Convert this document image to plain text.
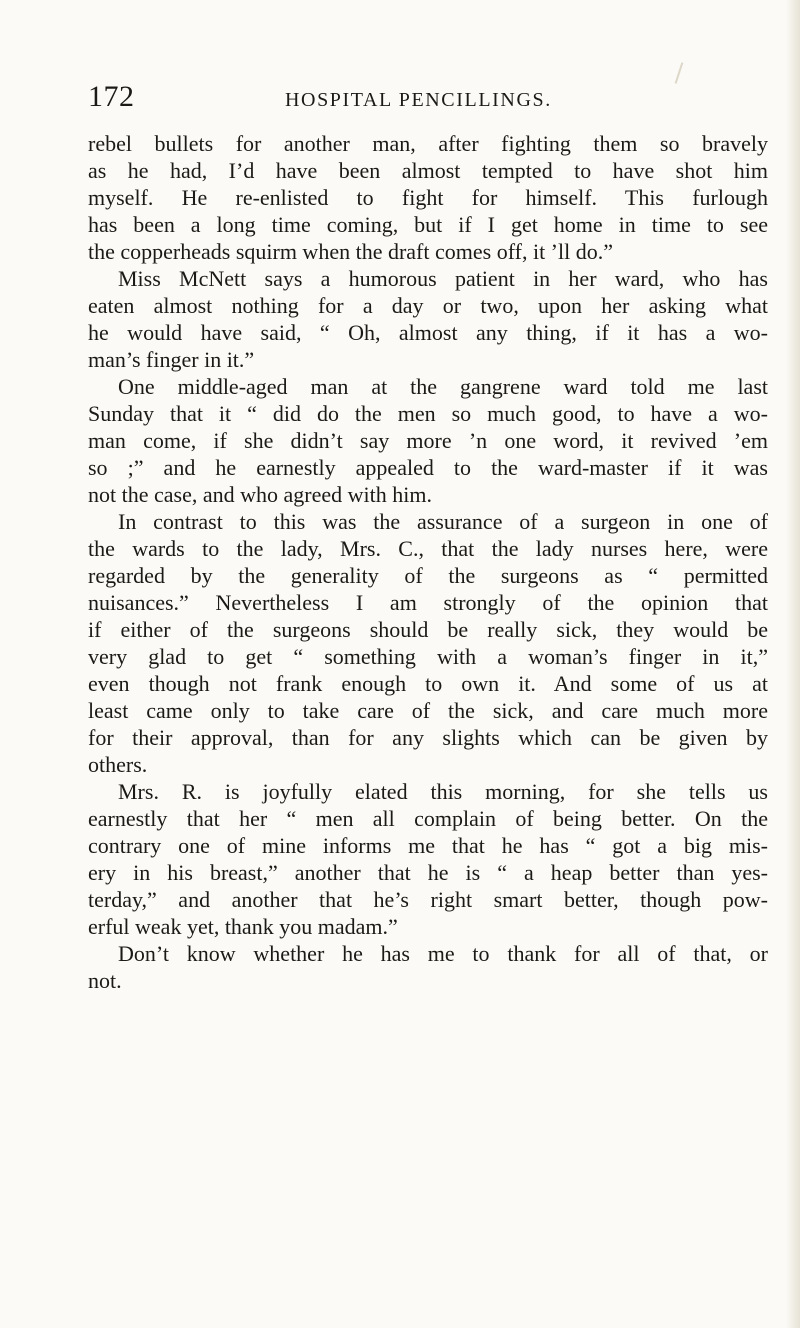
172	HOSPITAL PENCILLINGS.
rebel bullets for another man, after fighting them so bravely
as he had, I’d have been almost tempted to have shot him
myself. He re-enlisted to fight for himself. This furlough
has been a long time coming, but if I get home in time to see
the copperheads squirm when the draft comes off, it ’ll do.”
Miss McNett says a humorous patient in her ward, who has
eaten almost nothing for a day or two, upon her asking what
he would have said, “ Oh, almost any thing, if it has a wo-
man’s finger in it.”
One middle-aged man at the gangrene ward told me last
Sunday that it “ did do the men so much good, to have a wo-
man come, if she didn’t say more ’n one word, it revived ’em
so ;” and he earnestly appealed to the ward-master if it was
not the case, and who agreed with him.
In contrast to this was the assurance of a surgeon in one of
the wards to the lady, Mrs. C., that the lady nurses here, were
regarded by the generality of the surgeons as “ permitted
nuisances.” Nevertheless I am strongly of the opinion that
if either of the surgeons should be really sick, they would be
very glad to get “ something with a woman’s finger in it,”
even though not frank enough to own it. And some of us at
least came only to take care of the sick, and care much more
for their approval, than for any slights which can be given by
others.
Mrs. R. is joyfully elated this morning, for she tells us
earnestly that her “ men all complain of being better. On the
contrary one of mine informs me that he has “ got a big mis-
ery in his breast,” another that he is “ a heap better than yes-
terday,” and another that he’s right smart better, though pow-
erful weak yet, thank you madam.”
Don’t know whether he has me to thank for all of that, or
not.
